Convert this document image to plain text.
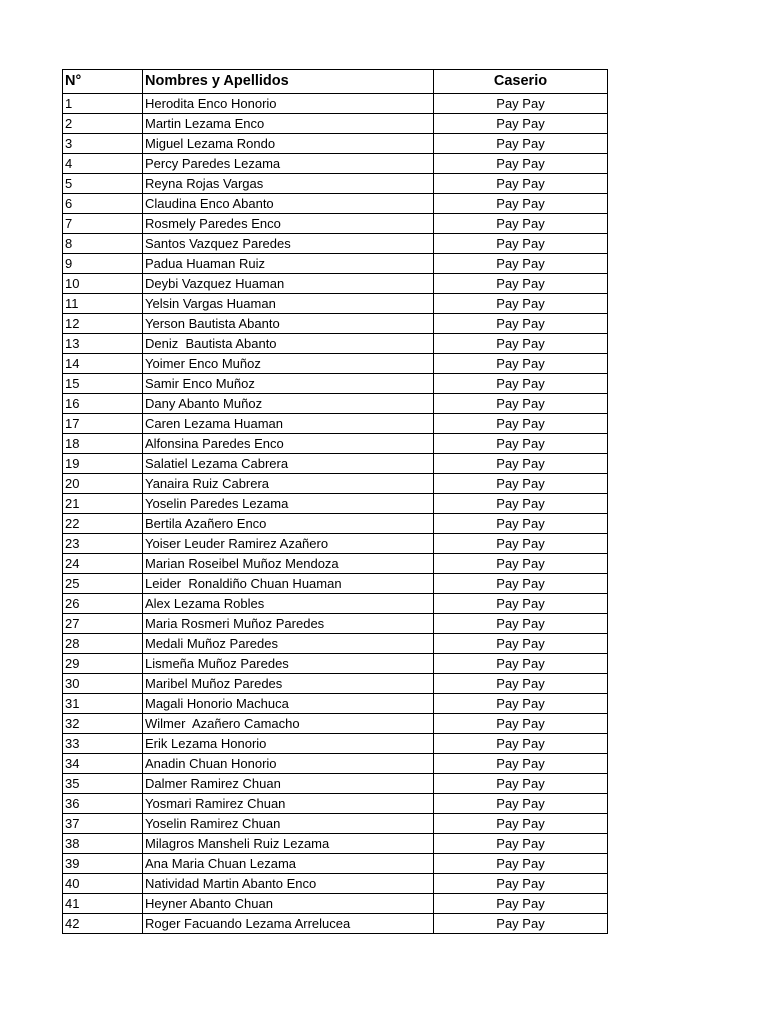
N°	Nombres y Apellidos	Caserio
1	Herodita Enco Honorio	Pay Pay
2	Martin Lezama Enco	Pay Pay
3	Miguel Lezama Rondo	Pay Pay
4	Percy Paredes Lezama	Pay Pay
5	Reyna Rojas Vargas	Pay Pay
6	Claudina Enco Abanto	Pay Pay
7	Rosmely Paredes Enco	Pay Pay
8	Santos Vazquez Paredes	Pay Pay
9	Padua Huaman Ruiz	Pay Pay
10	Deybi Vazquez Huaman	Pay Pay
11	Yelsin Vargas Huaman	Pay Pay
12	Yerson Bautista Abanto	Pay Pay
13	Deniz  Bautista Abanto	Pay Pay
14	Yoimer Enco Muñoz	Pay Pay
15	Samir Enco Muñoz	Pay Pay
16	Dany Abanto Muñoz	Pay Pay
17	Caren Lezama Huaman	Pay Pay
18	Alfonsina Paredes Enco	Pay Pay
19	Salatiel Lezama Cabrera	Pay Pay
20	Yanaira Ruiz Cabrera	Pay Pay
21	Yoselin Paredes Lezama	Pay Pay
22	Bertila Azañero Enco	Pay Pay
23	Yoiser Leuder Ramirez Azañero	Pay Pay
24	Marian Roseibel Muñoz Mendoza	Pay Pay
25	Leider  Ronaldiño Chuan Huaman	Pay Pay
26	Alex Lezama Robles	Pay Pay
27	Maria Rosmeri Muñoz Paredes	Pay Pay
28	Medali Muñoz Paredes	Pay Pay
29	Lismeña Muñoz Paredes	Pay Pay
30	Maribel Muñoz Paredes	Pay Pay
31	Magali Honorio Machuca	Pay Pay
32	Wilmer  Azañero Camacho	Pay Pay
33	Erik Lezama Honorio	Pay Pay
34	Anadin Chuan Honorio	Pay Pay
35	Dalmer Ramirez Chuan	Pay Pay
36	Yosmari Ramirez Chuan	Pay Pay
37	Yoselin Ramirez Chuan	Pay Pay
38	Milagros Mansheli Ruiz Lezama	Pay Pay
39	Ana Maria Chuan Lezama	Pay Pay
40	Natividad Martin Abanto Enco	Pay Pay
41	Heyner Abanto Chuan	Pay Pay
42	Roger Facuando Lezama Arrelucea	Pay Pay
